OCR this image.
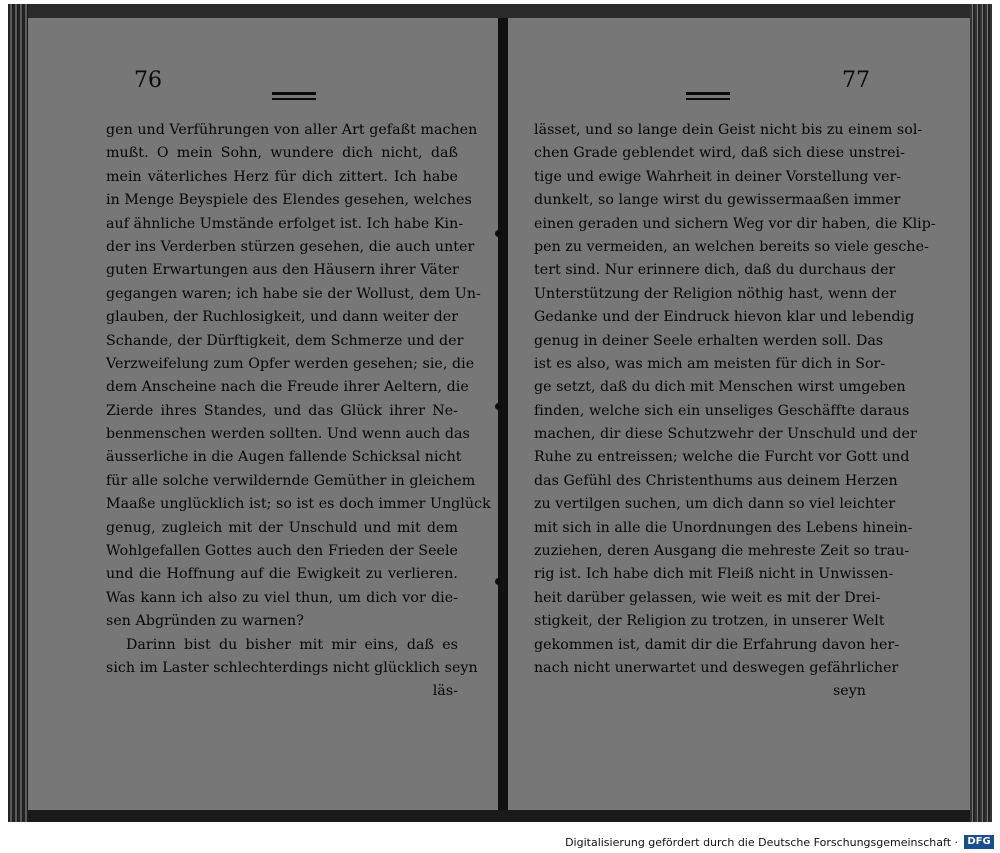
76	77
gen und Verführungen von aller Art gefaßt machen
mußt. O mein Sohn, wundere dich nicht, daß
mein väterliches Herz für dich zittert. Ich habe
in Menge Beyspiele des Elendes gesehen, welches
auf ähnliche Umstände erfolget ist. Ich habe Kin-
der ins Verderben stürzen gesehen, die auch unter
guten Erwartungen aus den Häusern ihrer Väter
gegangen waren; ich habe sie der Wollust, dem Un-
glauben, der Ruchlosigkeit, und dann weiter der
Schande, der Dürftigkeit, dem Schmerze und der
Verzweifelung zum Opfer werden gesehen; sie, die
dem Anscheine nach die Freude ihrer Aeltern, die
Zierde ihres Standes, und das Glück ihrer Ne-
benmenschen werden sollten. Und wenn auch das
äusserliche in die Augen fallende Schicksal nicht
für alle solche verwildernde Gemüther in gleichem
Maaße unglücklich ist; so ist es doch immer Unglück
genug, zugleich mit der Unschuld und mit dem
Wohlgefallen Gottes auch den Frieden der Seele
und die Hoffnung auf die Ewigkeit zu verlieren.
Was kann ich also zu viel thun, um dich vor die-
sen Abgründen zu warnen?
Darinn bist du bisher mit mir eins, daß es
sich im Laster schlechterdings nicht glücklich seyn
läs-
lässet, und so lange dein Geist nicht bis zu einem sol-
chen Grade geblendet wird, daß sich diese unstrei-
tige und ewige Wahrheit in deiner Vorstellung ver-
dunkelt, so lange wirst du gewissermaaßen immer
einen geraden und sichern Weg vor dir haben, die Klip-
pen zu vermeiden, an welchen bereits so viele gesche-
tert sind. Nur erinnere dich, daß du durchaus der
Unterstützung der Religion nöthig hast, wenn der
Gedanke und der Eindruck hievon klar und lebendig
genug in deiner Seele erhalten werden soll. Das
ist es also, was mich am meisten für dich in Sor-
ge setzt, daß du dich mit Menschen wirst umgeben
finden, welche sich ein unseliges Geschäffte daraus
machen, dir diese Schutzwehr der Unschuld und der
Ruhe zu entreissen; welche die Furcht vor Gott und
das Gefühl des Christenthums aus deinem Herzen
zu vertilgen suchen, um dich dann so viel leichter
mit sich in alle die Unordnungen des Lebens hinein-
zuziehen, deren Ausgang die mehreste Zeit so trau-
rig ist. Ich habe dich mit Fleiß nicht in Unwissen-
heit darüber gelassen, wie weit es mit der Drei-
stigkeit, der Religion zu trotzen, in unserer Welt
gekommen ist, damit dir die Erfahrung davon her-
nach nicht unerwartet und deswegen gefährlicher
seyn
Digitalisierung gefördert durch die Deutsche Forschungsgemeinschaft · DFG
